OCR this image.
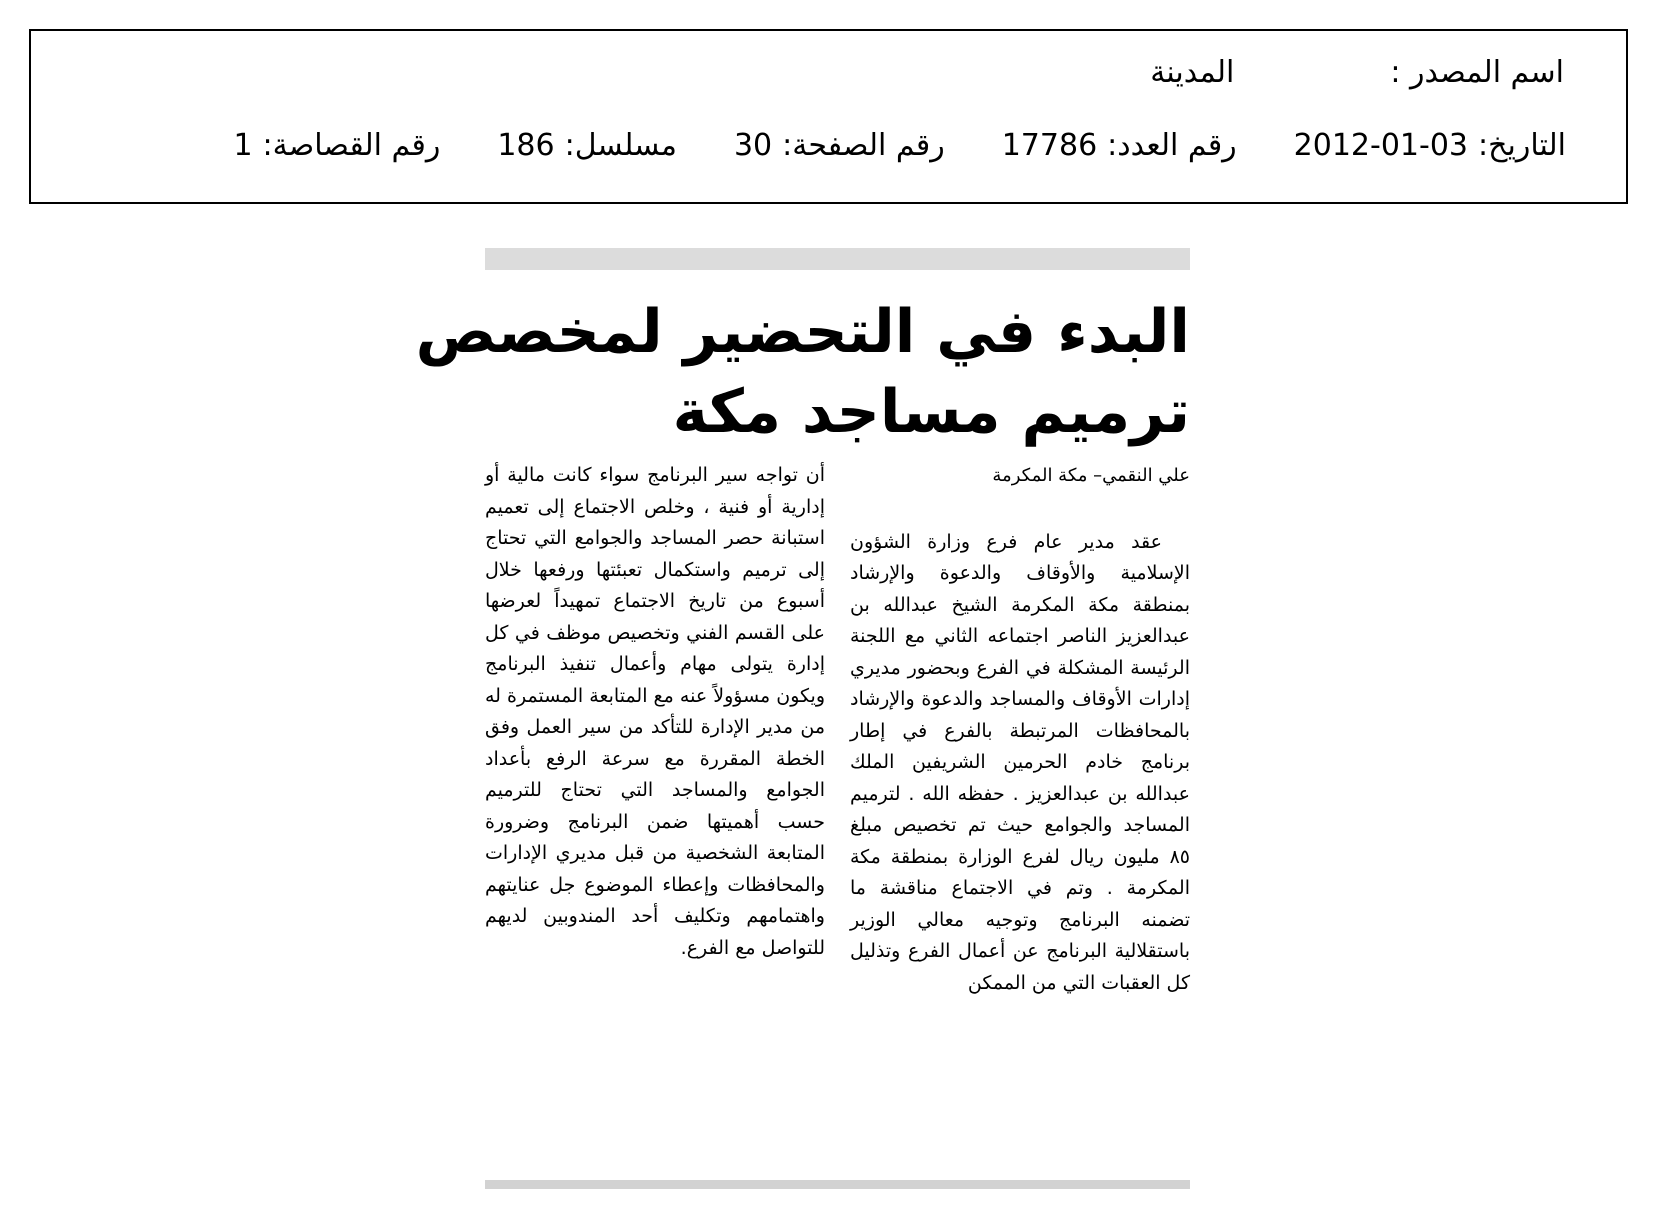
اسم المصدر :
المدينة
التاريخ:
2012-01-03
رقم العدد:
17786
رقم الصفحة:
30
مسلسل:
186
رقم القصاصة:
1
البدء في التحضير لمخصص
ترميم مساجد مكة
علي النقمي– مكة المكرمة
عقد مدير عام فرع وزارة الشؤون الإسلامية والأوقاف والدعوة والإرشاد بمنطقة مكة المكرمة الشيخ عبدالله بن عبدالعزيز الناصر اجتماعه الثاني مع اللجنة الرئيسة المشكلة في الفرع وبحضور مديري إدارات الأوقاف والمساجد والدعوة والإرشاد بالمحافظات المرتبطة بالفرع في إطار برنامج خادم الحرمين الشريفين الملك عبدالله بن عبدالعزيز . حفظه الله . لترميم المساجد والجوامع حيث تم تخصيص مبلغ ٨٥ مليون ريال لفرع الوزارة بمنطقة مكة المكرمة . وتم في الاجتماع مناقشة ما تضمنه البرنامج وتوجيه معالي الوزير باستقلالية البرنامج عن أعمال الفرع وتذليل كل العقبات التي من الممكن
أن تواجه سير البرنامج سواء كانت مالية أو إدارية أو فنية ، وخلص الاجتماع إلى تعميم استبانة حصر المساجد والجوامع التي تحتاج إلى ترميم واستكمال تعبئتها ورفعها خلال أسبوع من تاريخ الاجتماع تمهيداً لعرضها على القسم الفني وتخصيص موظف في كل إدارة يتولى مهام وأعمال تنفيذ البرنامج ويكون مسؤولاً عنه مع المتابعة المستمرة له من مدير الإدارة للتأكد من سير العمل وفق الخطة المقررة مع سرعة الرفع بأعداد الجوامع والمساجد التي تحتاج للترميم حسب أهميتها ضمن البرنامج وضرورة المتابعة الشخصية من قبل مديري الإدارات والمحافظات وإعطاء الموضوع جل عنايتهم واهتمامهم وتكليف أحد المندوبين لديهم للتواصل مع الفرع.
